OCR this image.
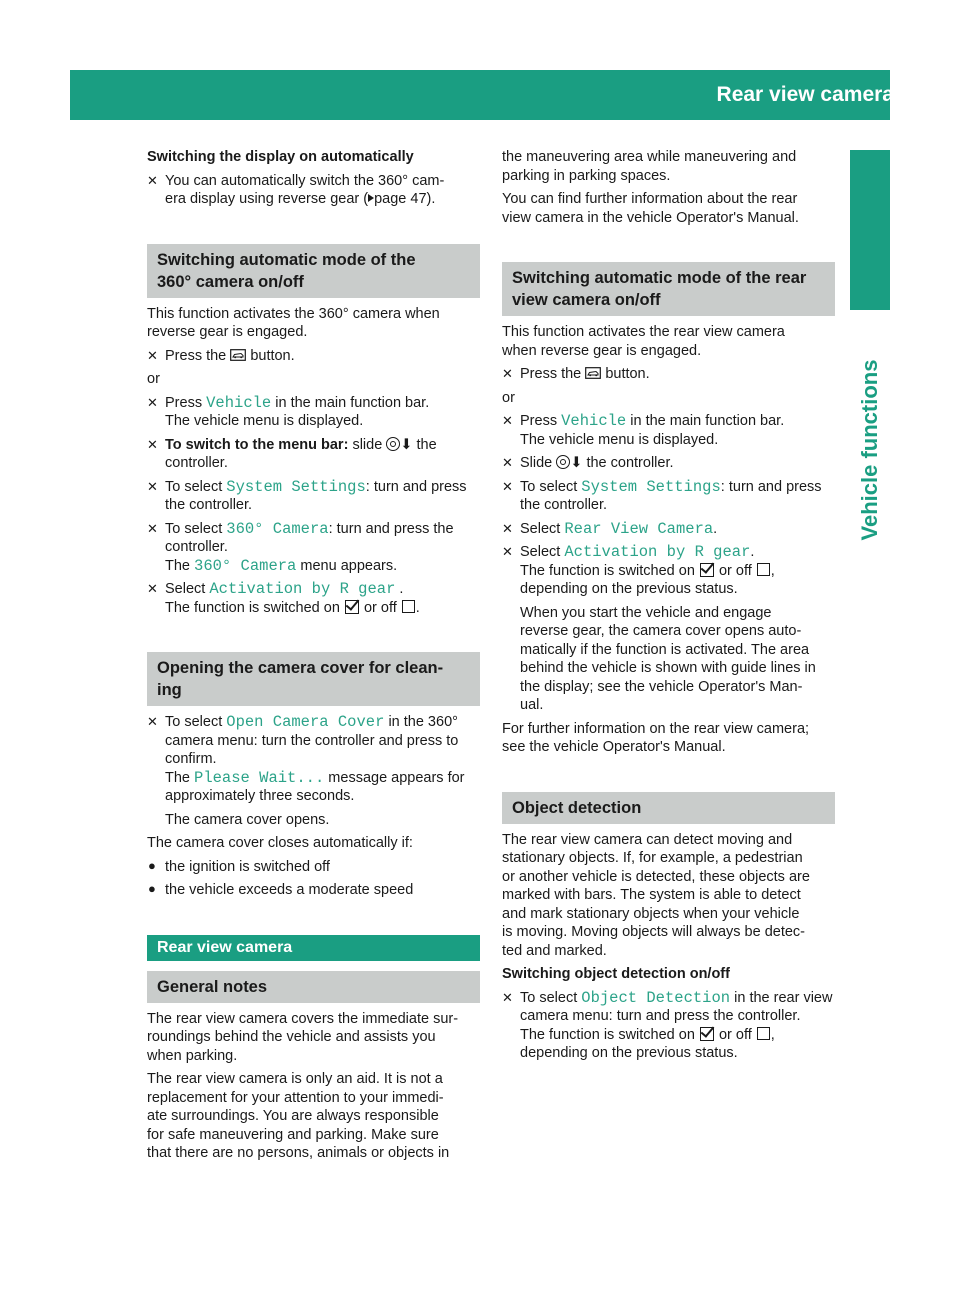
Rear view camera	47
Vehicle functions
Switching the display on automatically
✕ You can automatically switch the 360° cam-
era display using reverse gear ( page 47).
Switching automatic mode of the
360° camera on/off

This function activates the 360° camera when
reverse gear is engaged.

✕ Press the button.

or

✕ Press Vehicle in the main function bar.
The vehicle menu is displayed.
✕ To switch to the menu bar: slide ⬇ the
controller.
✕ To select System Settings: turn and press
the controller.
✕ To select 360° Camera: turn and press the
controller.
The 360° Camera menu appears.
✕ Select Activation by R gear .
The function is switched on or off .
Opening the camera cover for clean-
ing
✕ To select Open Camera Cover in the 360°
camera menu: turn the controller and press to
confirm.
The Please Wait... message appears for
approximately three seconds.

The camera cover opens.

The camera cover closes automatically if:

● the ignition is switched off
● the vehicle exceeds a moderate speed
Rear view camera
General notes

The rear view camera covers the immediate sur-
roundings behind the vehicle and assists you
when parking.

The rear view camera is only an aid. It is not a
replacement for your attention to your immedi-
ate surroundings. You are always responsible
for safe maneuvering and parking. Make sure
that there are no persons, animals or objects in

the maneuvering area while maneuvering and
parking in parking spaces.

You can find further information about the rear
view camera in the vehicle Operator's Manual.

Switching automatic mode of the rear
view camera on/off

This function activates the rear view camera
when reverse gear is engaged.

✕ Press the button.

or

✕ Press Vehicle in the main function bar.
The vehicle menu is displayed.
✕ Slide ⬇ the controller.
✕ To select System Settings: turn and press
the controller.
✕ Select Rear View Camera.
✕ Select Activation by R gear.
The function is switched on or off ,
depending on the previous status.

When you start the vehicle and engage
reverse gear, the camera cover opens auto-
matically if the function is activated. The area
behind the vehicle is shown with guide lines in
the display; see the vehicle Operator's Man-
ual.

For further information on the rear view camera;
see the vehicle Operator's Manual.

Object detection

The rear view camera can detect moving and
stationary objects. If, for example, a pedestrian
or another vehicle is detected, these objects are
marked with bars. The system is able to detect
and mark stationary objects when your vehicle
is moving. Moving objects will always be detec-
ted and marked.

Switching object detection on/off
✕ To select Object Detection in the rear view
camera menu: turn and press the controller.
The function is switched on or off ,
depending on the previous status.
